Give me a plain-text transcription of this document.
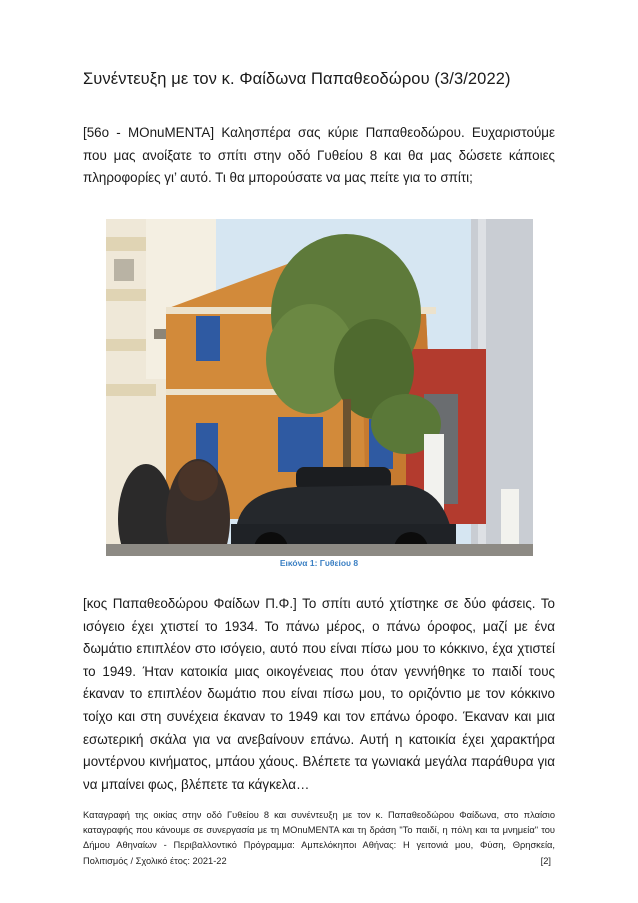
Συνέντευξη με τον κ. Φαίδωνα Παπαθεοδώρου (3/3/2022)
[56ο - MOnuMENTA] Καλησπέρα σας κύριε Παπαθεοδώρου. Ευχαριστούμε που μας ανοίξατε το σπίτι στην οδό Γυθείου 8 και θα μας δώσετε κάποιες πληροφορίες γι’ αυτό. Τι θα μπορούσατε να μας πείτε για το σπίτι;
Εικόνα 1: Γυθείου 8
[κος Παπαθεοδώρου Φαίδων Π.Φ.] Το σπίτι αυτό χτίστηκε σε δύο φάσεις. Το ισόγειο έχει χτιστεί το 1934. Το πάνω μέρος, ο πάνω όροφος, μαζί με ένα δωμάτιο επιπλέον στο ισόγειο, αυτό που είναι πίσω μου το κόκκινο, έχα χτιστεί το 1949. Ήταν κατοικία μιας οικογένειας που όταν γεννήθηκε το παιδί τους έκαναν το επιπλέον δωμάτιο που είναι πίσω μου, το οριζόντιο με τον κόκκινο τοίχο και στη συνέχεια έκαναν το 1949 και τον επάνω όροφο. Έκαναν και μια εσωτερική σκάλα για να ανεβαίνουν επάνω. Αυτή η κατοικία έχει χαρακτήρα μοντέρνου κινήματος, μπάου χάους. Βλέπετε τα γωνιακά μεγάλα παράθυρα για να μπαίνει φως, βλέπετε τα κάγκελα…
Καταγραφή της οικίας στην οδό Γυθείου 8 και συνέντευξη με τον κ. Παπαθεοδώρου Φαίδωνα, στο πλαίσιο καταγραφής που κάνουμε σε συνεργασία με τη MOnuMENTA και τη δράση "Το παιδί, η πόλη και τα μνημεία" του Δήμου Αθηναίων - Περιβαλλοντικό Πρόγραμμα: Αμπελόκηποι Αθήνας: Η γειτονιά μου, Φύση, Θρησκεία, Πολιτισμός / Σχολικό έτος: 2021-22	[2]
